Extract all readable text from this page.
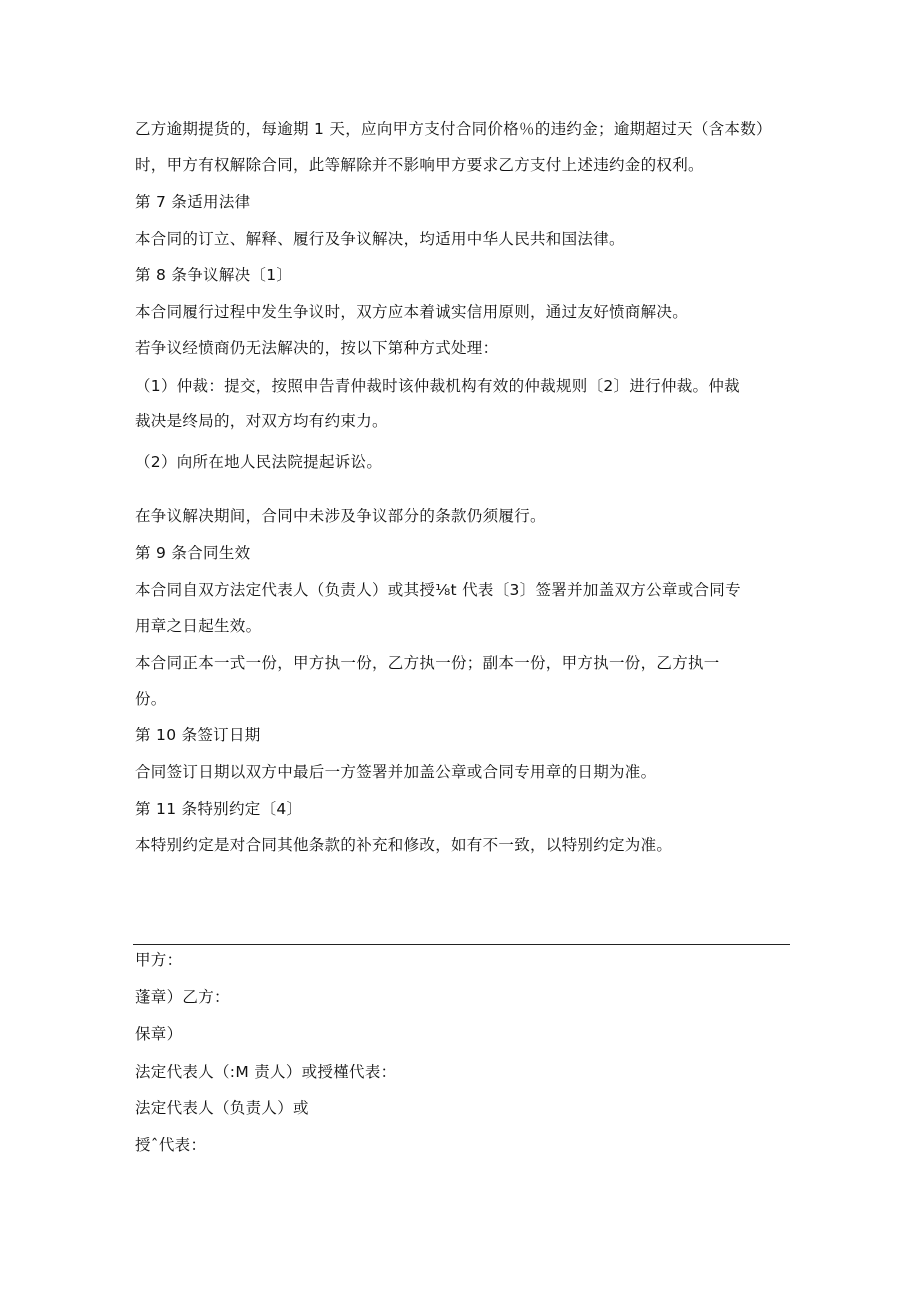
乙方逾期提货的，每逾期 1 天，应向甲方支付合同价格％的违约金；逾期超过天（含本数）
时，甲方有权解除合同，此等解除并不影响甲方要求乙方支付上述违约金的权利。
第 7 条适用法律
本合同的订立、解释、履行及争议解决，均适用中华人民共和国法律。
第 8 条争议解决〔1〕
本合同履行过程中发生争议时，双方应本着诚实信用原则，通过友好愤商解决。
若争议经愤商仍无法解决的，按以下第种方式处理：
（1）仲裁：提交，按照申告青仲裁时该仲裁机构有效的仲裁规则〔2〕进行仲裁。仲裁
裁决是终局的，对双方均有约束力。
（2）向所在地人民法院提起诉讼。
在争议解决期间，合同中未涉及争议部分的条款仍须履行。
第 9 条合同生效
本合同自双方法定代表人（负责人）或其授⅛t 代表〔3〕签署并加盖双方公章或合同专
用章之日起生效。
本合同正本一式一份，甲方执一份，乙方执一份；副本一份，甲方执一份，乙方执一
份。
第 10 条签订日期
合同签订日期以双方中最后一方签署并加盖公章或合同专用章的日期为准。
第 11 条特别约定〔4〕
本特别约定是对合同其他条款的补充和修改，如有不一致，以特别约定为准。
甲方：
蓬章）乙方：
保章）
法定代表人（:M 责人）或授槿代表：
法定代表人（负责人）或
授ˆ代表：
